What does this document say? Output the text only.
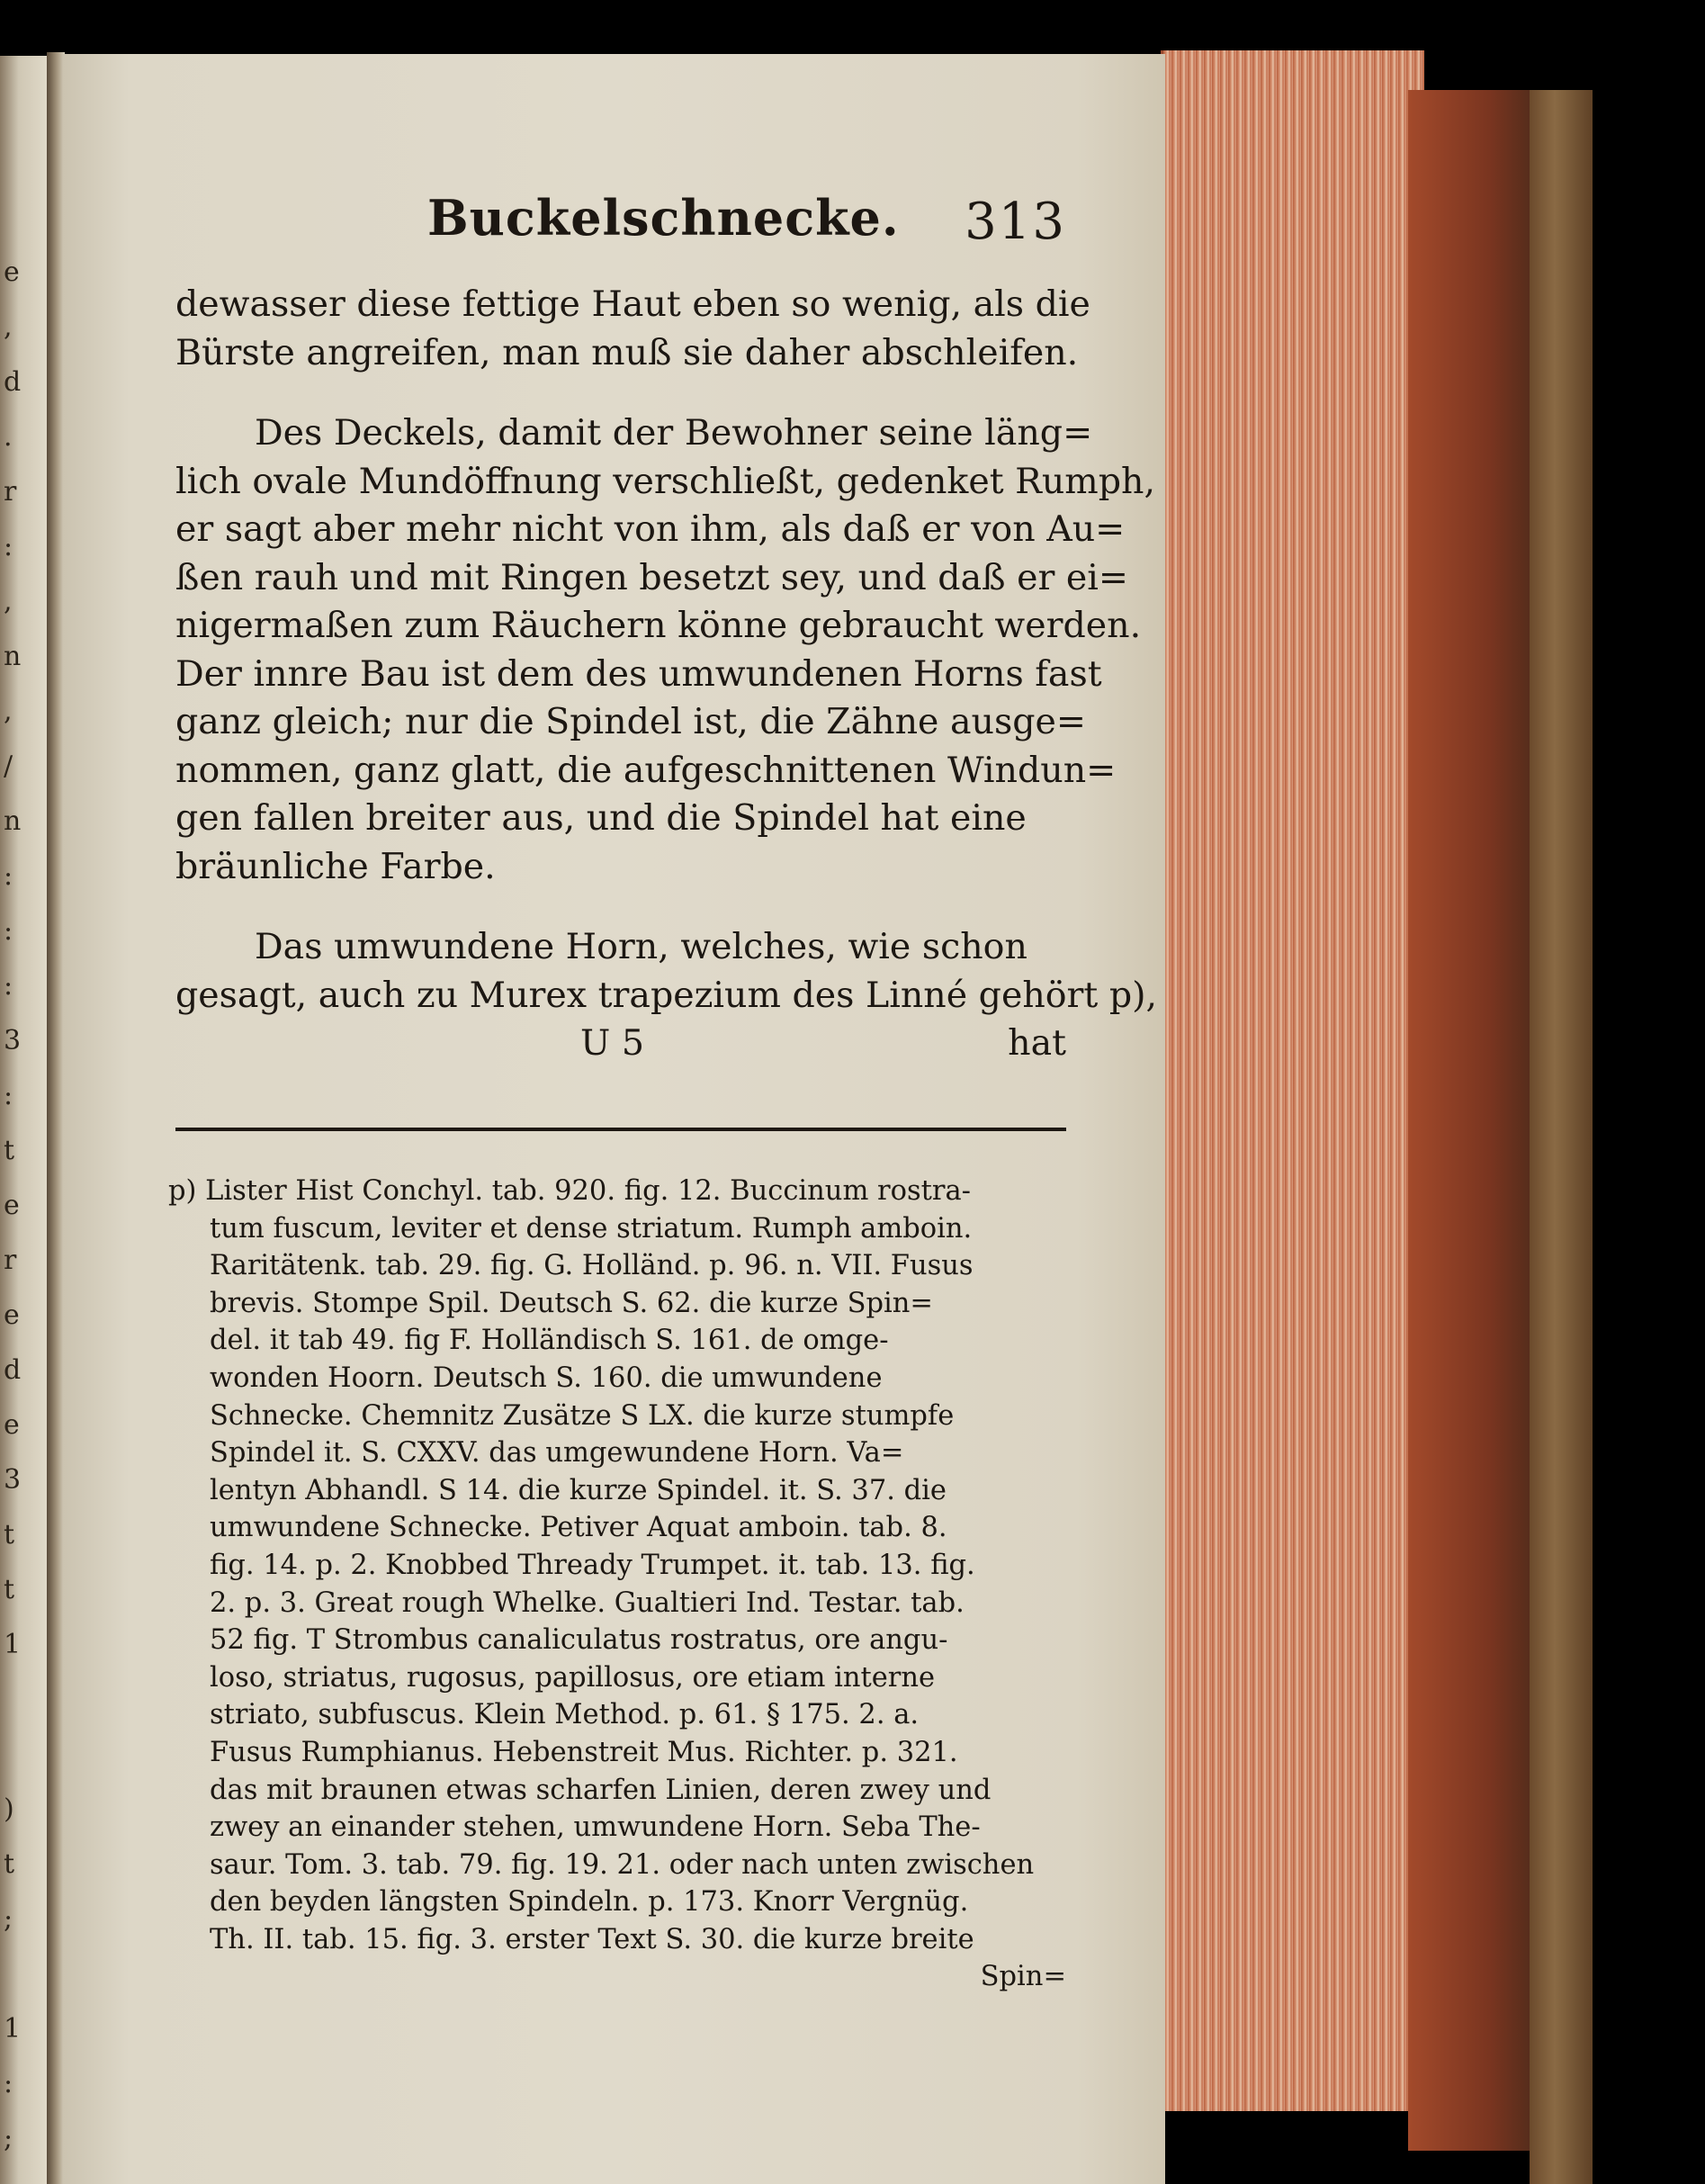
e
,
d
.
r
:
,
n
,
/
n
:
:
:
3
:
t
e
r
e
d
e
3
t
t
1

)
t
;

1
:
;
Buckelschnecke. 313

dewasser diese fettige Haut eben so wenig, als die
Bürste angreifen, man muß sie daher abschleifen.

Des Deckels, damit der Bewohner seine läng=
lich ovale Mundöffnung verschließt, gedenket Rumph,
er sagt aber mehr nicht von ihm, als daß er von Au=
ßen rauh und mit Ringen besetzt sey, und daß er ei=
nigermaßen zum Räuchern könne gebraucht werden.
Der innre Bau ist dem des umwundenen Horns fast
ganz gleich; nur die Spindel ist, die Zähne ausge=
nommen, ganz glatt, die aufgeschnittenen Windun=
gen fallen breiter aus, und die Spindel hat eine
bräunliche Farbe.

Das umwundene Horn, welches, wie schon
gesagt, auch zu Murex trapezium des Linné gehört p),

U 5	hat
p) Lister Hist Conchyl. tab. 920. fig. 12. Buccinum rostra-
tum fuscum, leviter et dense striatum. Rumph amboin.
Raritätenk. tab. 29. fig. G. Holländ. p. 96. n. VII. Fusus
brevis. Stompe Spil. Deutsch S. 62. die kurze Spin=
del. it tab 49. fig F. Holländisch S. 161. de omge-
wonden Hoorn. Deutsch S. 160. die umwundene
Schnecke. Chemnitz Zusätze S LX. die kurze stumpfe
Spindel it. S. CXXV. das umgewundene Horn. Va=
lentyn Abhandl. S 14. die kurze Spindel. it. S. 37. die
umwundene Schnecke. Petiver Aquat amboin. tab. 8.
fig. 14. p. 2. Knobbed Thready Trumpet. it. tab. 13. fig.
2. p. 3. Great rough Whelke. Gualtieri Ind. Testar. tab.
52 fig. T Strombus canaliculatus rostratus, ore angu-
loso, striatus, rugosus, papillosus, ore etiam interne
striato, subfuscus. Klein Method. p. 61. § 175. 2. a.
Fusus Rumphianus. Hebenstreit Mus. Richter. p. 321.
das mit braunen etwas scharfen Linien, deren zwey und
zwey an einander stehen, umwundene Horn. Seba The-
saur. Tom. 3. tab. 79. fig. 19. 21. oder nach unten zwischen
den beyden längsten Spindeln. p. 173. Knorr Vergnüg.
Th. II. tab. 15. fig. 3. erster Text S. 30. die kurze breite
Spin=
